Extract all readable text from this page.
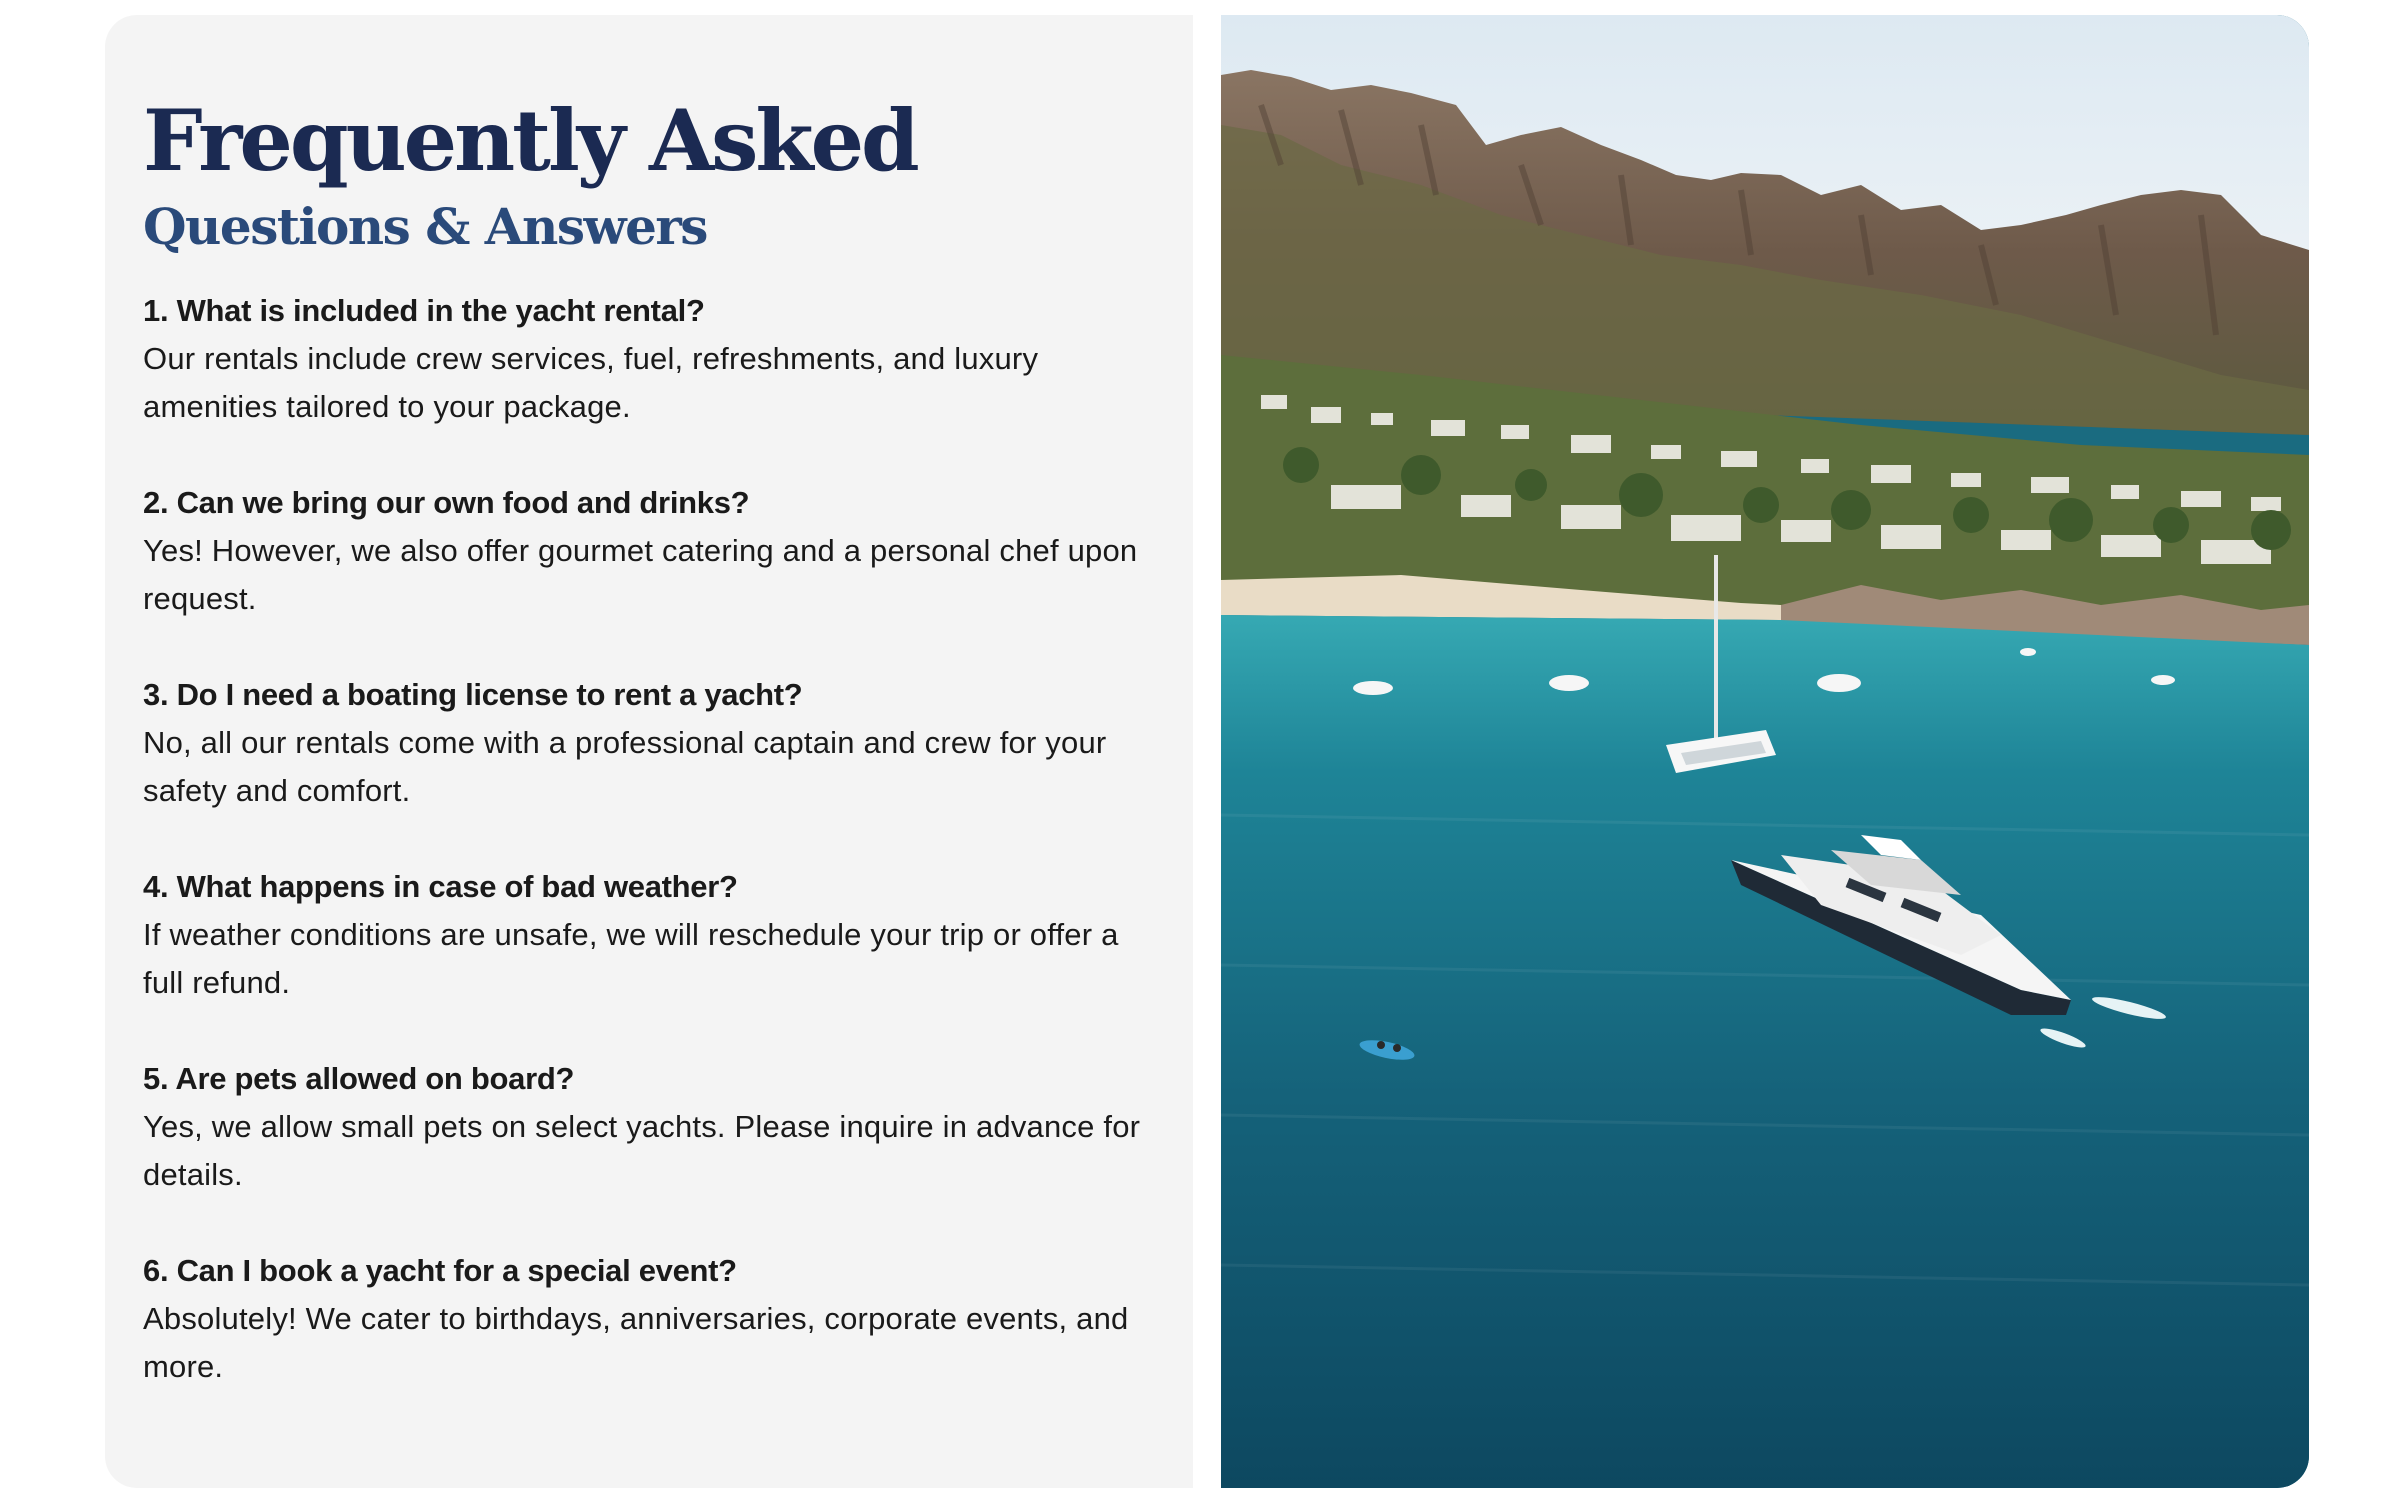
Frequently Asked
Questions & Answers
1. What is included in the yacht rental?
Our rentals include crew services, fuel, refreshments, and luxury amenities tailored to your package.
2. Can we bring our own food and drinks?
Yes! However, we also offer gourmet catering and a personal chef upon request.
3. Do I need a boating license to rent a yacht?
No, all our rentals come with a professional captain and crew for your safety and comfort.
4. What happens in case of bad weather?
If weather conditions are unsafe, we will reschedule your trip or offer a full refund.
5. Are pets allowed on board?
Yes, we allow small pets on select yachts. Please inquire in advance for details.
6. Can I book a yacht for a special event?
Absolutely! We cater to birthdays, anniversaries, corporate events, and more.
